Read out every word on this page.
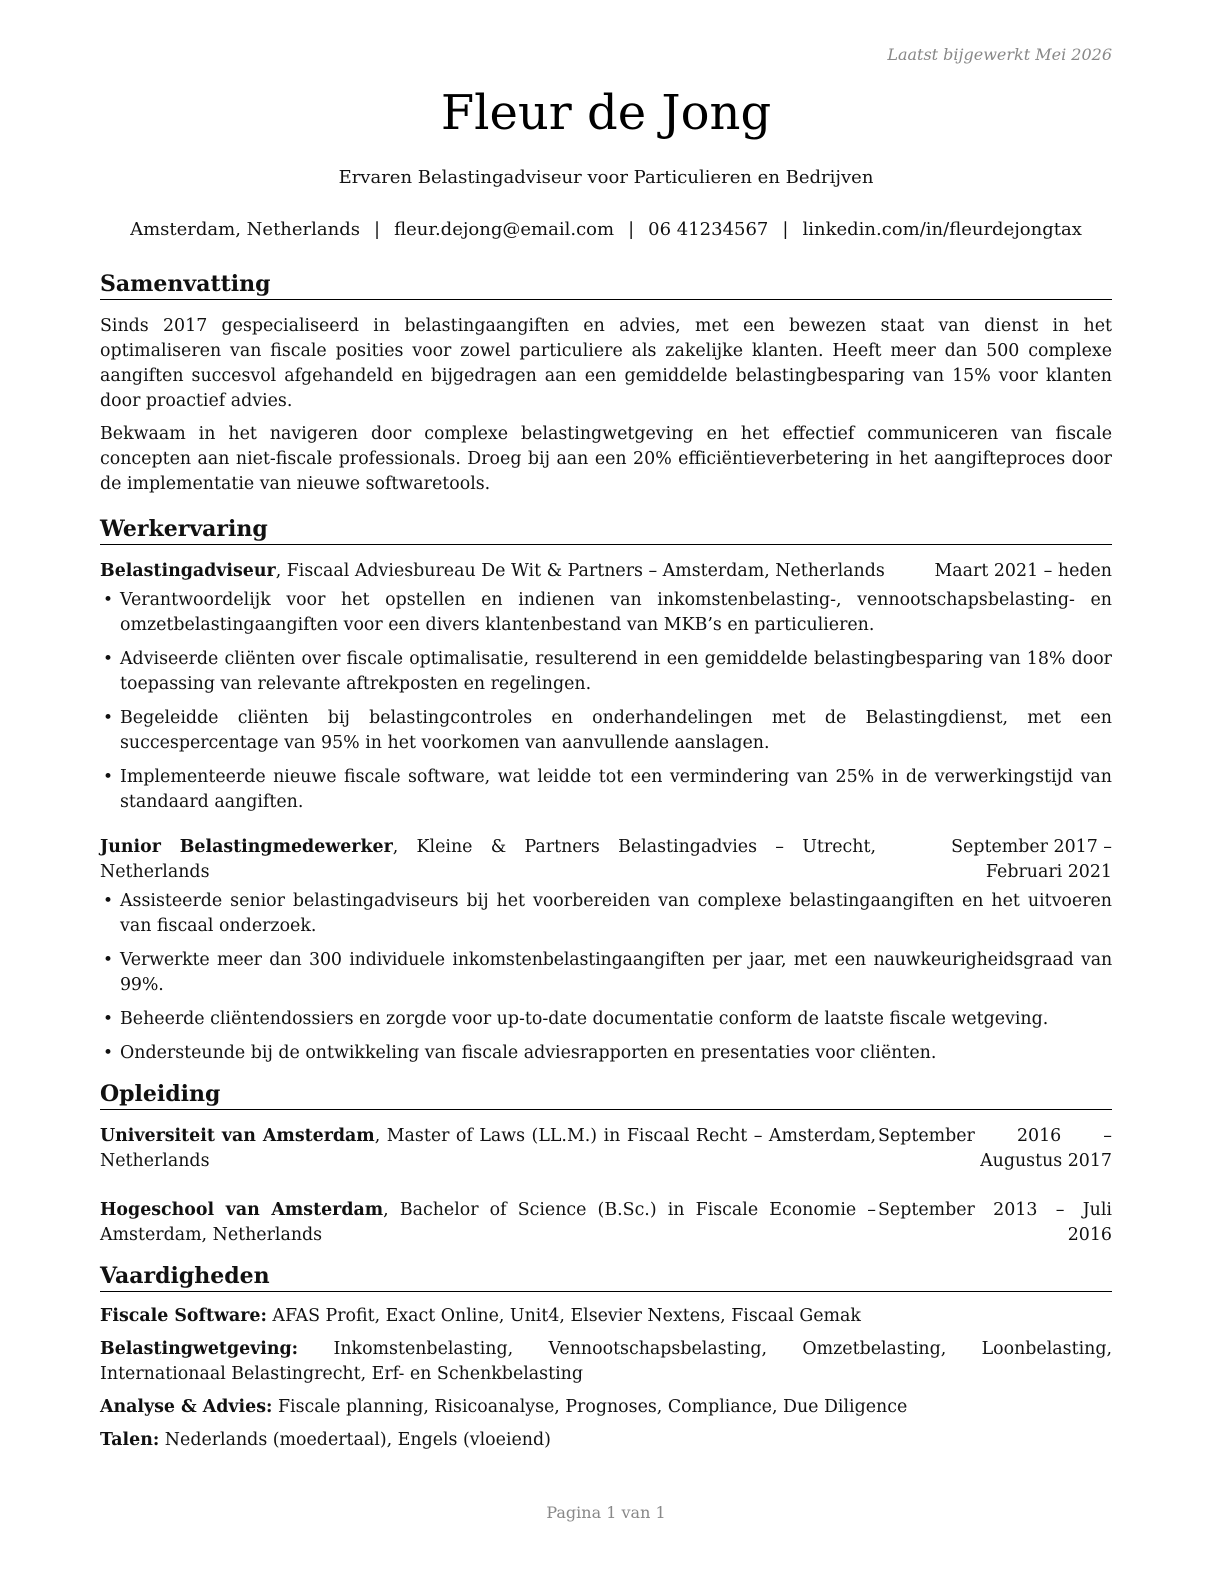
Laatst bijgewerkt Mei 2026
Fleur de Jong
Ervaren Belastingadviseur voor Particulieren en Bedrijven
Amsterdam, Netherlands | fleur.dejong@email.com | 06 41234567 | linkedin.com/in/fleurdejongtax
Samenvatting

Sinds 2017 gespecialiseerd in belastingaangiften en advies, met een bewezen staat van dienst in het optimaliseren van fiscale posities voor zowel particuliere als zakelijke klanten. Heeft meer dan 500 complexe aangiften succesvol afgehandeld en bijgedragen aan een gemiddelde belastingbesparing van 15% voor klanten door proactief advies.

Bekwaam in het navigeren door complexe belastingwetgeving en het effectief communiceren van fiscale concepten aan niet-fiscale professionals. Droeg bij aan een 20% efficiëntieverbetering in het aangifteproces door de implementatie van nieuwe softwaretools.

Werkervaring
Belastingadviseur, Fiscaal Adviesbureau De Wit & Partners – Amsterdam, Netherlands	Maart 2021 – heden
• Verantwoordelijk voor het opstellen en indienen van inkomstenbelasting-, vennootschapsbelasting- en omzetbelastingaangiften voor een divers klantenbestand van MKB’s en particulieren.
• Adviseerde cliënten over fiscale optimalisatie, resulterend in een gemiddelde belastingbesparing van 18% door toepassing van relevante aftrekposten en regelingen.
• Begeleidde cliënten bij belastingcontroles en onderhandelingen met de Belastingdienst, met een succespercentage van 95% in het voorkomen van aanvullende aanslagen.
• Implementeerde nieuwe fiscale software, wat leidde tot een vermindering van 25% in de verwerkingstijd van standaard aangiften.
Junior Belastingmedewerker, Kleine & Partners Belastingadvies – Utrecht, Netherlands
September 2017 – Februari 2021
• Assisteerde senior belastingadviseurs bij het voorbereiden van complexe belastingaangiften en het uitvoeren van fiscaal onderzoek.
• Verwerkte meer dan 300 individuele inkomstenbelastingaangiften per jaar, met een nauwkeurigheidsgraad van 99%.
• Beheerde cliëntendossiers en zorgde voor up-to-date documentatie conform de laatste fiscale wetgeving.
• Ondersteunde bij de ontwikkeling van fiscale adviesrapporten en presentaties voor cliënten.
Opleiding
Universiteit van Amsterdam, Master of Laws (LL.M.) in Fiscaal Recht – Amsterdam, Netherlands
September 2016 – Augustus 2017
Hogeschool van Amsterdam, Bachelor of Science (B.Sc.) in Fiscale Economie – Amsterdam, Netherlands
September 2013 – Juli 2016
Vaardigheden

Fiscale Software: AFAS Profit, Exact Online, Unit4, Elsevier Nextens, Fiscaal Gemak

Belastingwetgeving: Inkomstenbelasting, Vennootschapsbelasting, Omzetbelasting, Loonbelasting, Internationaal Belastingrecht, Erf- en Schenkbelasting

Analyse & Advies: Fiscale planning, Risicoanalyse, Prognoses, Compliance, Due Diligence

Talen: Nederlands (moedertaal), Engels (vloeiend)

Pagina 1 van 1
